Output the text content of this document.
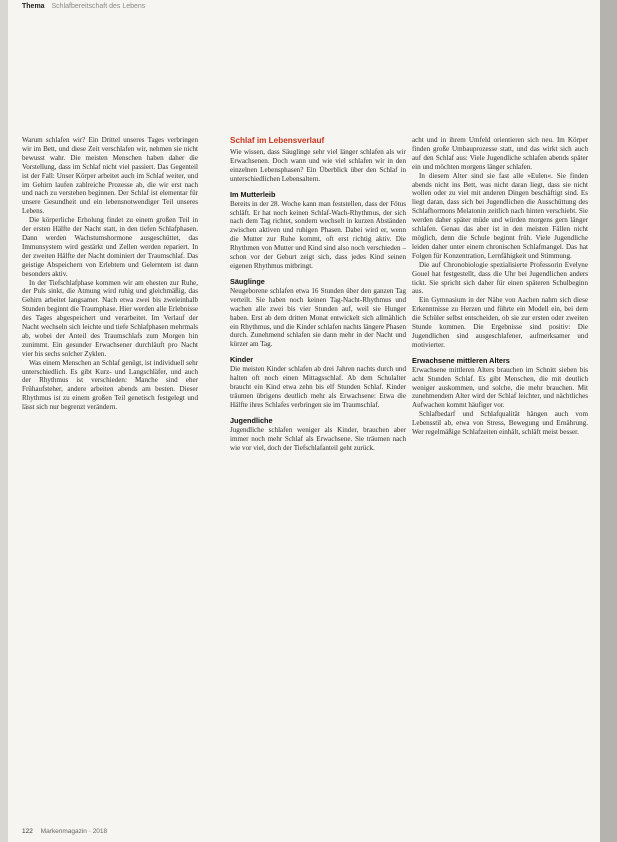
Thema Schlafbereitschaft des Lebens

Warum schlafen wir? Ein Drittel unseres Tages verbringen wir im Bett, und diese Zeit verschlafen wir, nehmen sie nicht bewusst wahr. Die meisten Menschen haben daher die Vorstellung, dass im Schlaf nicht viel passiert. Das Gegenteil ist der Fall: Unser Körper arbeitet auch im Schlaf weiter, und im Gehirn laufen zahlreiche Prozesse ab, die wir erst nach und nach zu verstehen beginnen. Der Schlaf ist elementar für unsere Gesundheit und ein lebensnotwendiger Teil unseres Lebens.

Die körperliche Erholung findet zu einem großen Teil in der ersten Hälfte der Nacht statt, in den tiefen Schlafphasen. Dann werden Wachstumshormone ausgeschüttet, das Immunsystem wird gestärkt und Zellen werden repariert. In der zweiten Hälfte der Nacht dominiert der Traumschlaf. Das geistige Abspeichern von Erlebtem und Gelerntem ist dann besonders aktiv.

In der Tiefschlafphase kommen wir am ehesten zur Ruhe, der Puls sinkt, die Atmung wird ruhig und gleichmäßig, das Gehirn arbeitet langsamer. Nach etwa zwei bis zweieinhalb Stunden beginnt die Traumphase. Hier werden alle Erlebnisse des Tages abgespeichert und verarbeitet. Im Verlauf der Nacht wechseln sich leichte und tiefe Schlafphasen mehrmals ab, wobei der Anteil des Traumschlafs zum Morgen hin zunimmt. Ein gesunder Erwachsener durchläuft pro Nacht vier bis sechs solcher Zyklen.

Was einem Menschen an Schlaf genügt, ist individuell sehr unterschiedlich. Es gibt Kurz- und Langschläfer, und auch der Rhythmus ist verschieden: Manche sind eher Frühaufsteher, andere arbeiten abends am besten. Dieser Rhythmus ist zu einem großen Teil genetisch festgelegt und lässt sich nur begrenzt verändern.

Schlaf im Lebensverlauf

Wie wissen, dass Säuglinge sehr viel länger schlafen als wir Erwachsenen. Doch wann und wie viel schlafen wir in den einzelnen Lebensphasen? Ein Überblick über den Schlaf in unterschiedlichen Lebensaltern.

Im Mutterleib

Bereits in der 28. Woche kann man feststellen, dass der Fötus schläft. Er hat noch keinen Schlaf-Wach-Rhythmus, der sich nach dem Tag richtet, sondern wechselt in kurzen Abständen zwischen aktiven und ruhigen Phasen. Dabei wird er, wenn die Mutter zur Ruhe kommt, oft erst richtig aktiv. Die Rhythmen von Mutter und Kind sind also noch verschieden – schon vor der Geburt zeigt sich, dass jedes Kind seinen eigenen Rhythmus mitbringt.

Säuglinge

Neugeborene schlafen etwa 16 Stunden über den ganzen Tag verteilt. Sie haben noch keinen Tag-Nacht-Rhythmus und wachen alle zwei bis vier Stunden auf, weil sie Hunger haben. Erst ab dem dritten Monat entwickelt sich allmählich ein Rhythmus, und die Kinder schlafen nachts längere Phasen durch. Zunehmend schlafen sie dann mehr in der Nacht und kürzer am Tag.

Kinder

Die meisten Kinder schlafen ab drei Jahren nachts durch und halten oft noch einen Mittagsschlaf. Ab dem Schulalter braucht ein Kind etwa zehn bis elf Stunden Schlaf. Kinder träumen übrigens deutlich mehr als Erwachsene: Etwa die Hälfte ihres Schlafes verbringen sie im Traumschlaf.

Jugendliche

Jugendliche schlafen weniger als Kinder, brauchen aber immer noch mehr Schlaf als Erwachsene. Sie träumen nach wie vor viel, doch der Tiefschlafanteil geht zurück.

acht und in ihrem Umfeld orientieren sich neu. Im Körper finden große Umbauprozesse statt, und das wirkt sich auch auf den Schlaf aus: Viele Jugendliche schlafen abends später ein und möchten morgens länger schlafen.

In diesem Alter sind sie fast alle »Eulen«. Sie finden abends nicht ins Bett, was nicht daran liegt, dass sie nicht wollen oder zu viel mit anderen Dingen beschäftigt sind. Es liegt daran, dass sich bei Jugendlichen die Ausschüttung des Schlafhormons Melatonin zeitlich nach hinten verschiebt. Sie werden daher später müde und würden morgens gern länger schlafen. Genau das aber ist in den meisten Fällen nicht möglich, denn die Schule beginnt früh. Viele Jugendliche leiden daher unter einem chronischen Schlafmangel. Das hat Folgen für Konzentration, Lernfähigkeit und Stimmung.

Die auf Chronobiologie spezialisierte Professorin Evelyne Gouel hat festgestellt, dass die Uhr bei Jugendlichen anders tickt. Sie spricht sich daher für einen späteren Schulbeginn aus.

Ein Gymnasium in der Nähe von Aachen nahm sich diese Erkenntnisse zu Herzen und führte ein Modell ein, bei dem die Schüler selbst entscheiden, ob sie zur ersten oder zweiten Stunde kommen. Die Ergebnisse sind positiv: Die Jugendlichen sind ausgeschlafener, aufmerksamer und motivierter.

Erwachsene mittleren Alters

Erwachsene mittleren Alters brauchen im Schnitt sieben bis acht Stunden Schlaf. Es gibt Menschen, die mit deutlich weniger auskommen, und solche, die mehr brauchen. Mit zunehmendem Alter wird der Schlaf leichter, und nächtliches Aufwachen kommt häufiger vor.

Schlafbedarf und Schlafqualität hängen auch vom Lebensstil ab, etwa von Stress, Bewegung und Ernährung. Wer regelmäßige Schlafzeiten einhält, schläft meist besser.

122 Markenmagazin · 2018
